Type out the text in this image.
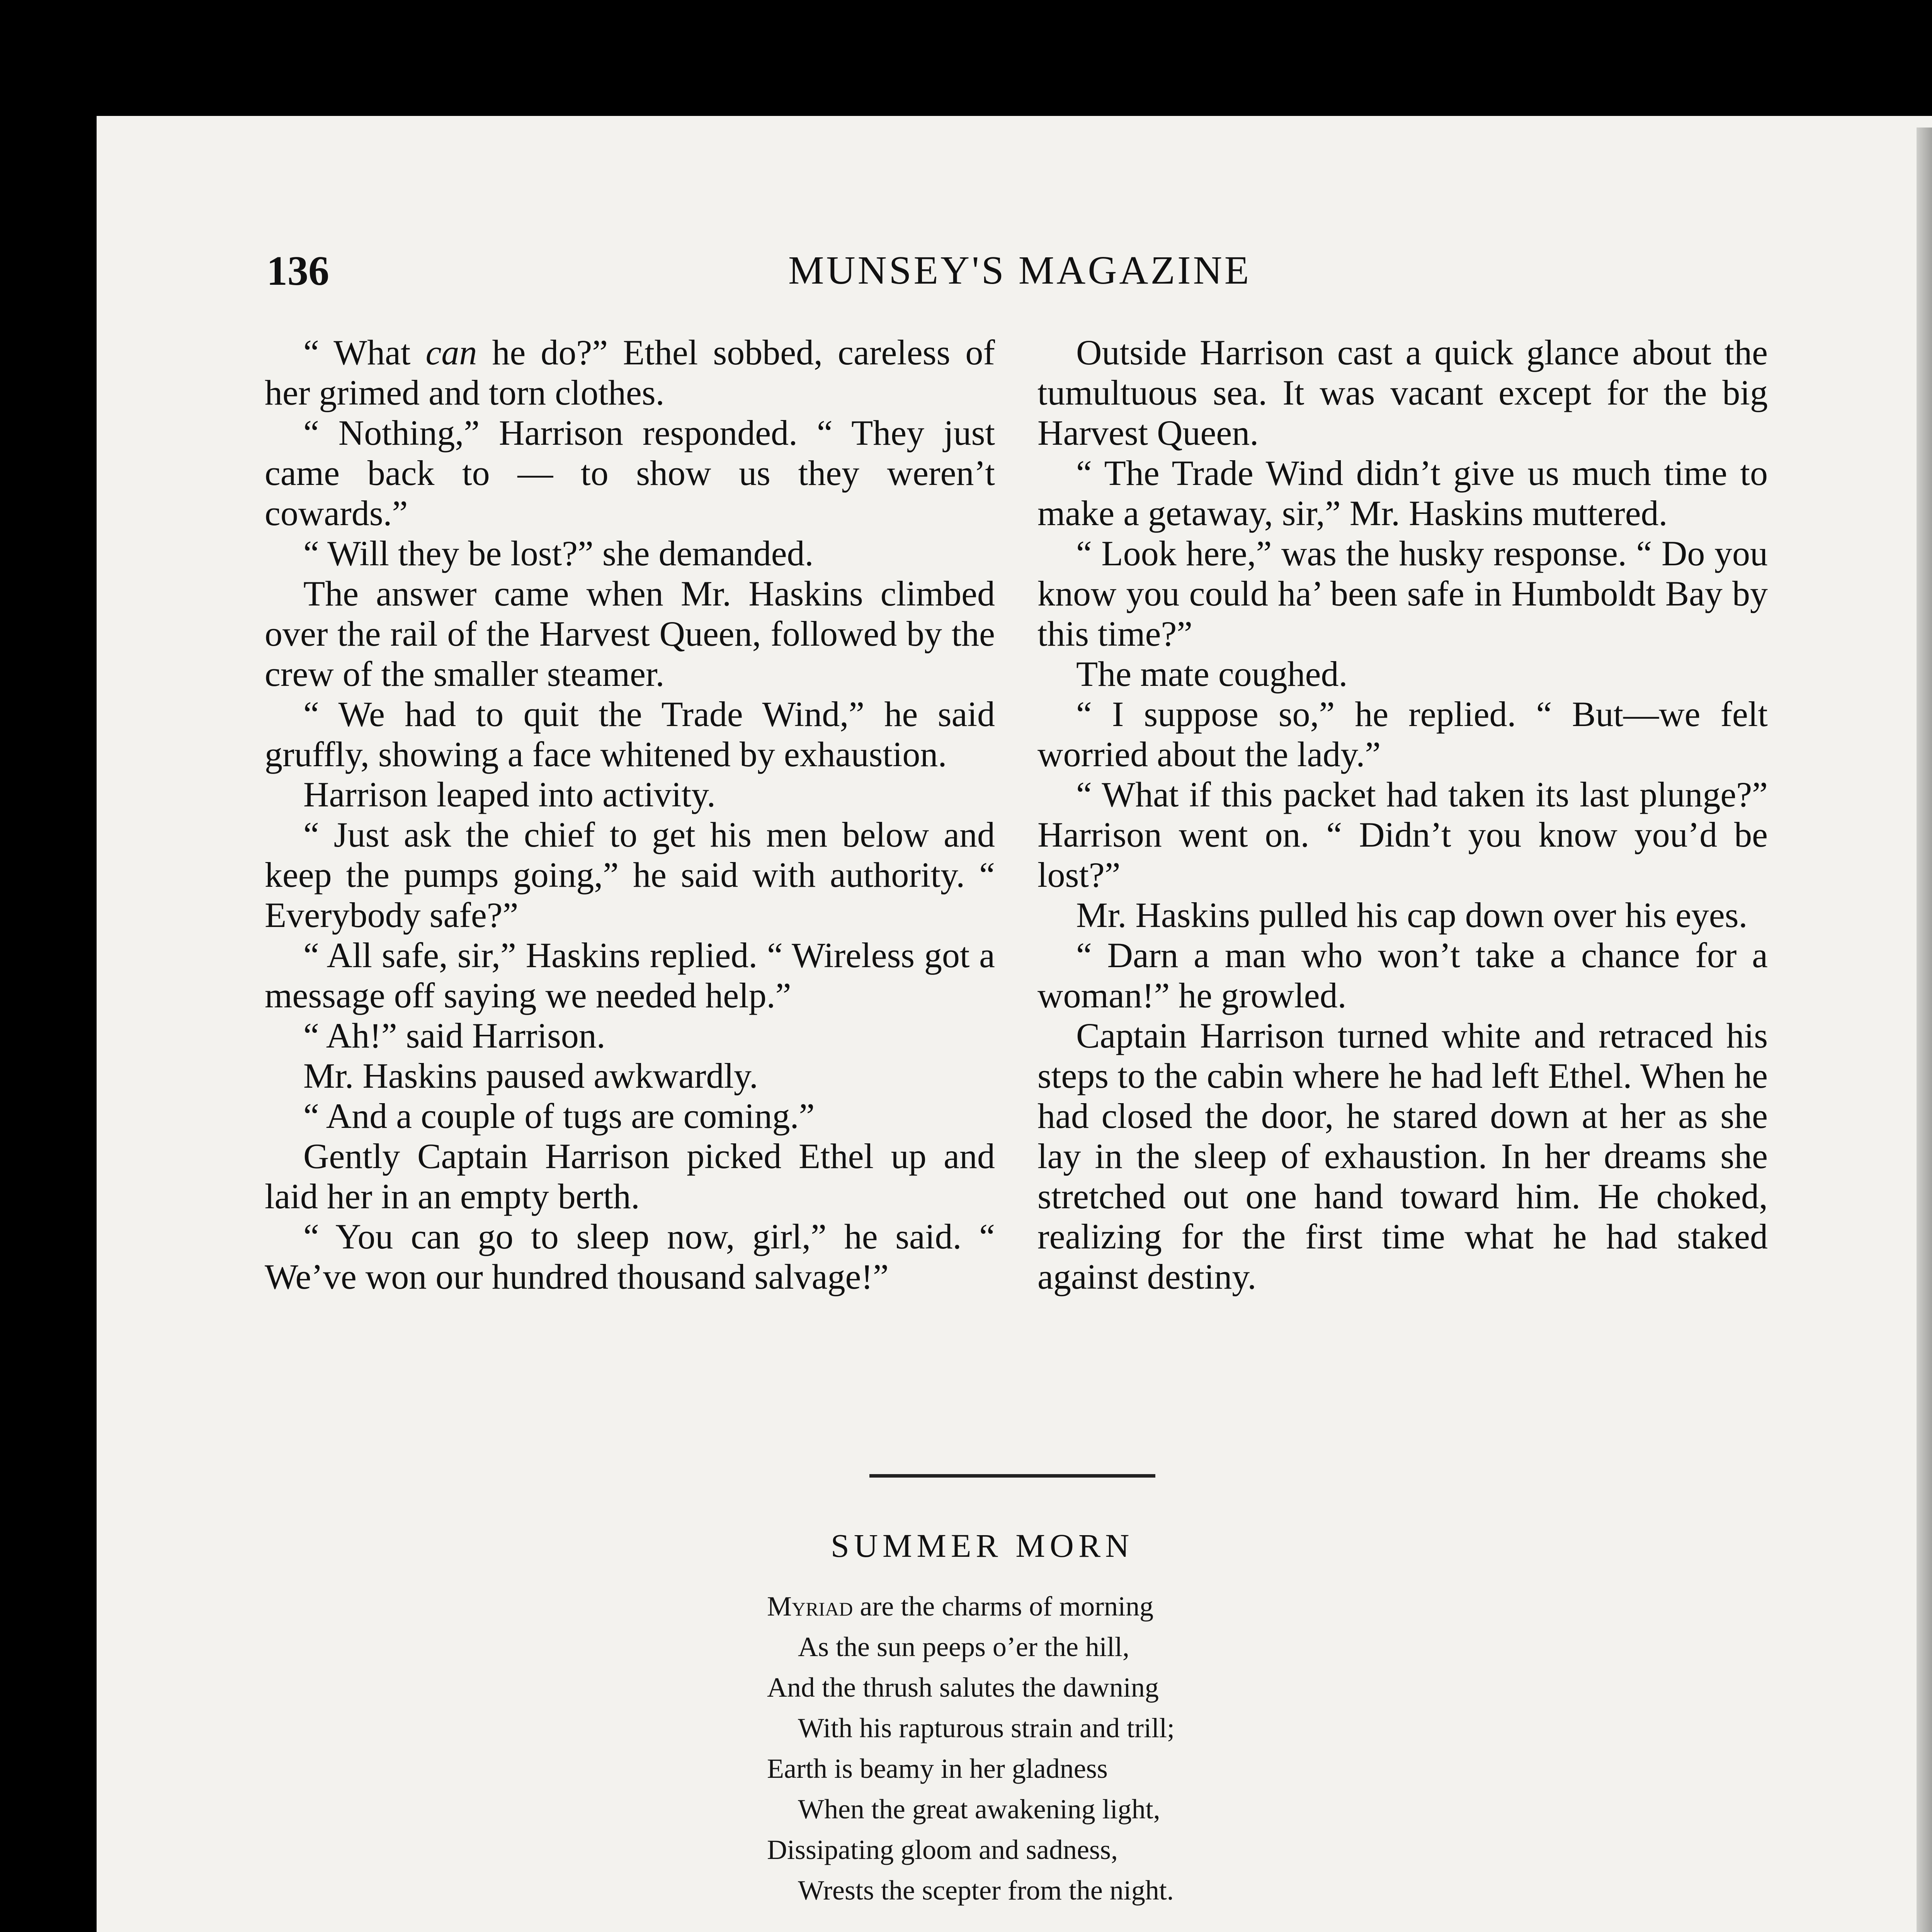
136	MUNSEY'S MAGAZINE

“ What can he do?” Ethel sobbed, careless of her grimed and torn clothes.

“ Nothing,” Harrison responded. “ They just came back to — to show us they weren’t cowards.”

“ Will they be lost?” she demanded.

The answer came when Mr. Haskins climbed over the rail of the Harvest Queen, followed by the crew of the smaller steamer.

“ We had to quit the Trade Wind,” he said gruffly, showing a face whitened by exhaustion.

Harrison leaped into activity.

“ Just ask the chief to get his men below and keep the pumps going,” he said with authority. “ Everybody safe?”

“ All safe, sir,” Haskins replied. “ Wireless got a message off saying we needed help.”

“ Ah!” said Harrison.

Mr. Haskins paused awkwardly.

“ And a couple of tugs are coming.”

Gently Captain Harrison picked Ethel up and laid her in an empty berth.

“ You can go to sleep now, girl,” he said. “ We’ve won our hundred thousand salvage!”

Outside Harrison cast a quick glance about the tumultuous sea. It was vacant except for the big Harvest Queen.

“ The Trade Wind didn’t give us much time to make a getaway, sir,” Mr. Haskins muttered.

“ Look here,” was the husky response. “ Do you know you could ha’ been safe in Humboldt Bay by this time?”

The mate coughed.

“ I suppose so,” he replied. “ But—we felt worried about the lady.”

“ What if this packet had taken its last plunge?” Harrison went on. “ Didn’t you know you’d be lost?”

Mr. Haskins pulled his cap down over his eyes.

“ Darn a man who won’t take a chance for a woman!” he growled.

Captain Harrison turned white and retraced his steps to the cabin where he had left Ethel. When he had closed the door, he stared down at her as she lay in the sleep of exhaustion. In her dreams she stretched out one hand toward him. He choked, realizing for the first time what he had staked against destiny.

SUMMER MORN
Myriad are the charms of morning
As the sun peeps o’er the hill,
And the thrush salutes the dawning
With his rapturous strain and trill;
Earth is beamy in her gladness
When the great awakening light,
Dissipating gloom and sadness,
Wrests the scepter from the night.
